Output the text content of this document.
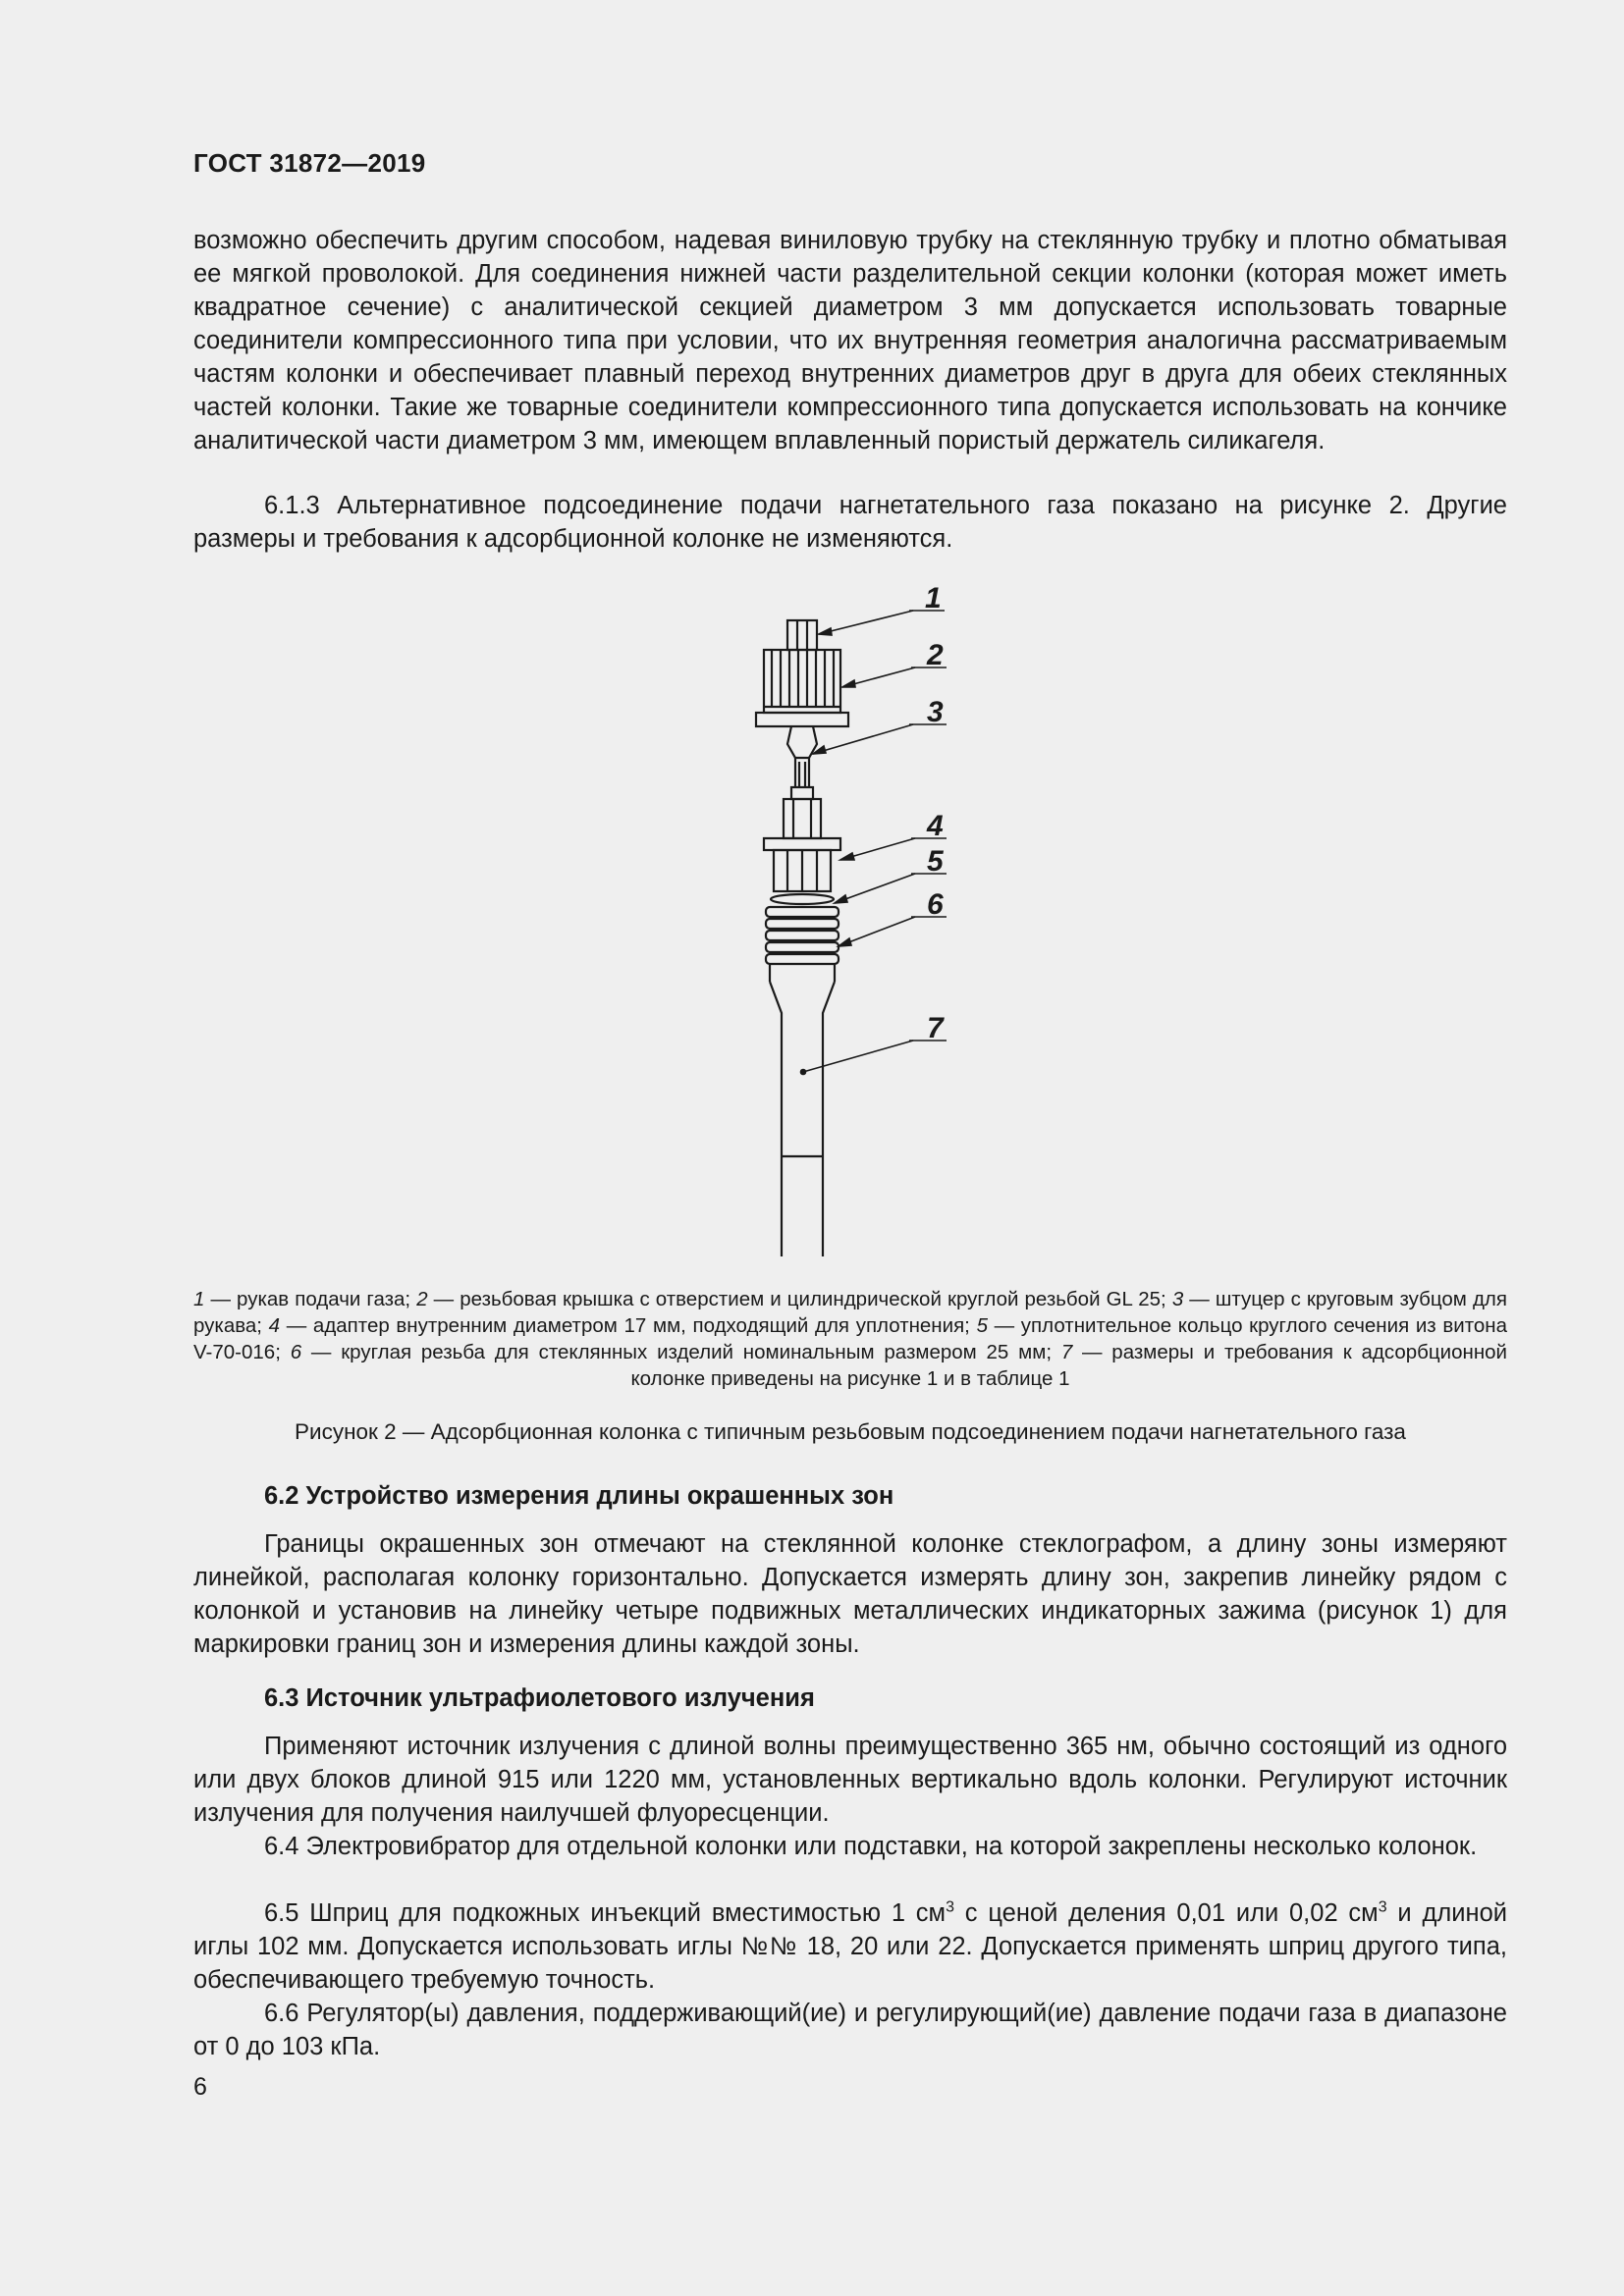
ГОСТ 31872—2019

возможно обеспечить другим способом, надевая виниловую трубку на стеклянную трубку и плотно обматывая ее мягкой проволокой. Для соединения нижней части разделительной секции колонки (которая может иметь квадратное сечение) с аналитической секцией диаметром 3 мм допускается использовать товарные соединители компрессионного типа при условии, что их внутренняя геометрия аналогична рассматриваемым частям колонки и обеспечивает плавный переход внутренних диаметров друг в друга для обеих стеклянных частей колонки. Такие же товарные соединители компрессионного типа допускается использовать на кончике аналитической части диаметром 3 мм, имеющем вплавленный пористый держатель силикагеля.

6.1.3 Альтернативное подсоединение подачи нагнетательного газа показано на рисунке 2. Другие размеры и требования к адсорбционной колонке не изменяются.

1
2
3
4
5
6
7

1 — рукав подачи газа; 2 — резьбовая крышка с отверстием и цилиндрической круглой резьбой GL 25; 3 — штуцер с круговым зубцом для рукава; 4 — адаптер внутренним диаметром 17 мм, подходящий для уплотнения; 5 — уплотнительное кольцо круглого сечения из витона V-70-016; 6 — круглая резьба для стеклянных изделий номинальным размером 25 мм; 7 — размеры и требования к адсорбционной колонке приведены на рисунке 1 и в таблице 1

Рисунок 2 — Адсорбционная колонка с типичным резьбовым подсоединением подачи нагнетательного газа

6.2 Устройство измерения длины окрашенных зон

Границы окрашенных зон отмечают на стеклянной колонке стеклографом, а длину зоны измеряют линейкой, располагая колонку горизонтально. Допускается измерять длину зон, закрепив линейку рядом с колонкой и установив на линейку четыре подвижных металлических индикаторных зажима (рисунок 1) для маркировки границ зон и измерения длины каждой зоны.

6.3 Источник ультрафиолетового излучения

Применяют источник излучения с длиной волны преимущественно 365 нм, обычно состоящий из одного или двух блоков длиной 915 или 1220 мм, установленных вертикально вдоль колонки. Регулируют источник излучения для получения наилучшей флуоресценции.

6.4 Электровибратор для отдельной колонки или подставки, на которой закреплены несколько колонок.

6.5 Шприц для подкожных инъекций вместимостью 1 $см^3$ с ценой деления 0,01 или 0,02 $см^3$ и длиной иглы 102 мм. Допускается использовать иглы №№ 18, 20 или 22. Допускается применять шприц другого типа, обеспечивающего требуемую точность.

6.6 Регулятор(ы) давления, поддерживающий(ие) и регулирующий(ие) давление подачи газа в диапазоне от 0 до 103 кПа.

6
